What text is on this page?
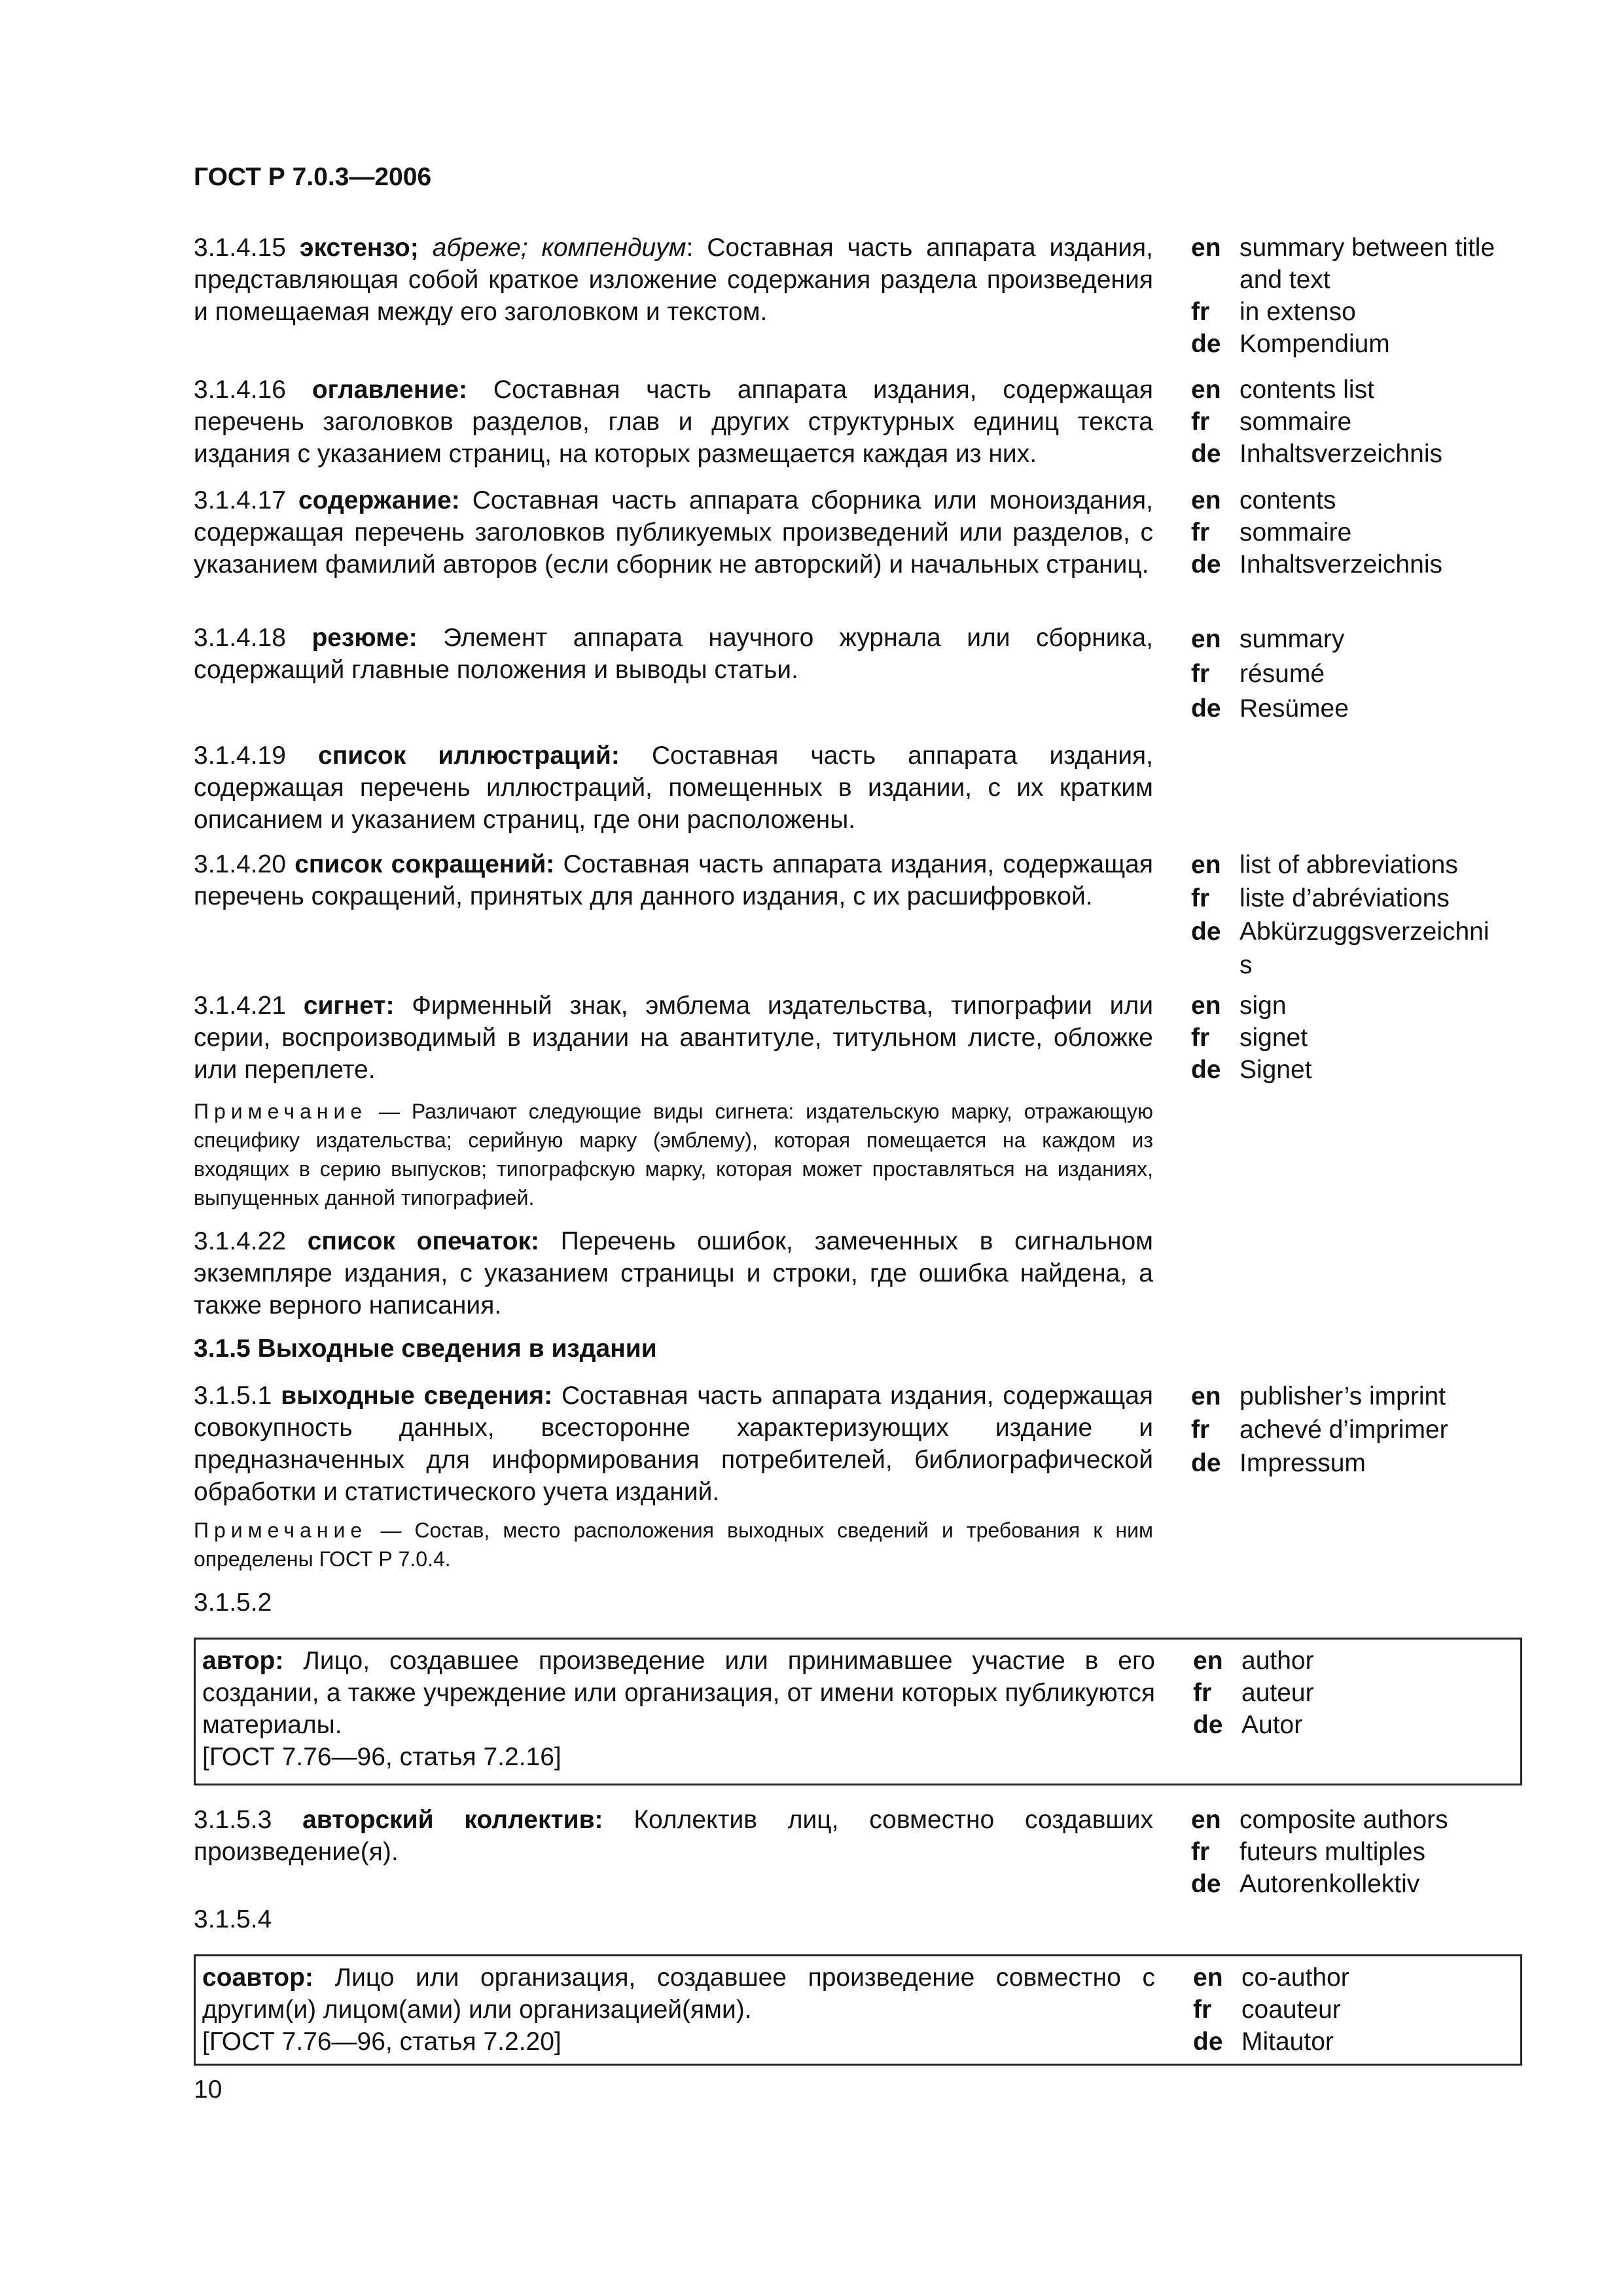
ГОСТ Р 7.0.3—2006
3.1.4.15 экстензо; абреже; компендиум: Составная часть аппарата издания, представляющая собой краткое изложение содержания раздела произведения и помещаемая между его заголовком и текстом.
en summary between title and text
fr	in extenso
de Kompendium
3.1.4.16 оглавление: Составная часть аппарата издания, содержащая перечень заголовков разделов, глав и других структурных единиц текста издания с указанием страниц, на которых размещается каждая из них.
en contents list
fr	sommaire
de Inhaltsverzeichnis
3.1.4.17 содержание: Составная часть аппарата сборника или моноиздания, содержащая перечень заголовков публикуемых произведений или разделов, с указанием фамилий авторов (если сборник не авторский) и начальных страниц.
en contents
fr	sommaire
de Inhaltsverzeichnis
3.1.4.18 резюме: Элемент аппарата научного журнала или сборника, содержащий главные положения и выводы статьи.
en summary
fr	résumé
de Resümee
3.1.4.19 список иллюстраций: Составная часть аппарата издания, содержащая перечень иллюстраций, помещенных в издании, с их кратким описанием и указанием страниц, где они расположены.
3.1.4.20 список сокращений: Составная часть аппарата издания, содержащая перечень сокращений, принятых для данного издания, с их расшифровкой.
en list of abbreviations
fr	liste d’abréviations
de Abkürzuggsverzeichnis
3.1.4.21 сигнет: Фирменный знак, эмблема издательства, типографии или серии, воспроизводимый в издании на авантитуле, титульном листе, обложке или переплете.
en sign
fr	signet
de Signet
Примечание — Различают следующие виды сигнета: издательскую марку, отражающую специфику издательства; серийную марку (эмблему), которая помещается на каждом из входящих в серию выпусков; типографскую марку, которая может проставляться на изданиях, выпущенных данной типографией.
3.1.4.22 список опечаток: Перечень ошибок, замеченных в сигнальном экземпляре издания, с указанием страницы и строки, где ошибка найдена, а также верного написания.
3.1.5 Выходные сведения в издании
3.1.5.1 выходные сведения: Составная часть аппарата издания, содержащая совокупность данных, всесторонне характеризующих издание и предназначенных для информирования потребителей, библиографической обработки и статистического учета изданий.
en publisher’s imprint
fr	achevé d’imprimer
de Impressum
Примечание — Состав, место расположения выходных сведений и требования к ним определены ГОСТ Р 7.0.4.
3.1.5.2
автор: Лицо, создавшее произведение или принимавшее участие в его создании, а также учреждение или организация, от имени которых публикуются материалы.
[ГОСТ 7.76—96, статья 7.2.16]
en author
fr	auteur
de Autor
3.1.5.3 авторский коллектив: Коллектив лиц, совместно создавших произведение(я).
en composite authors
fr	futeurs multiples
de Autorenkollektiv
3.1.5.4
соавтор: Лицо или организация, создавшее произведение совместно с другим(и) лицом(ами) или организацией(ями).
[ГОСТ 7.76—96, статья 7.2.20]
en co-author
fr	coauteur
de Mitautor
10
